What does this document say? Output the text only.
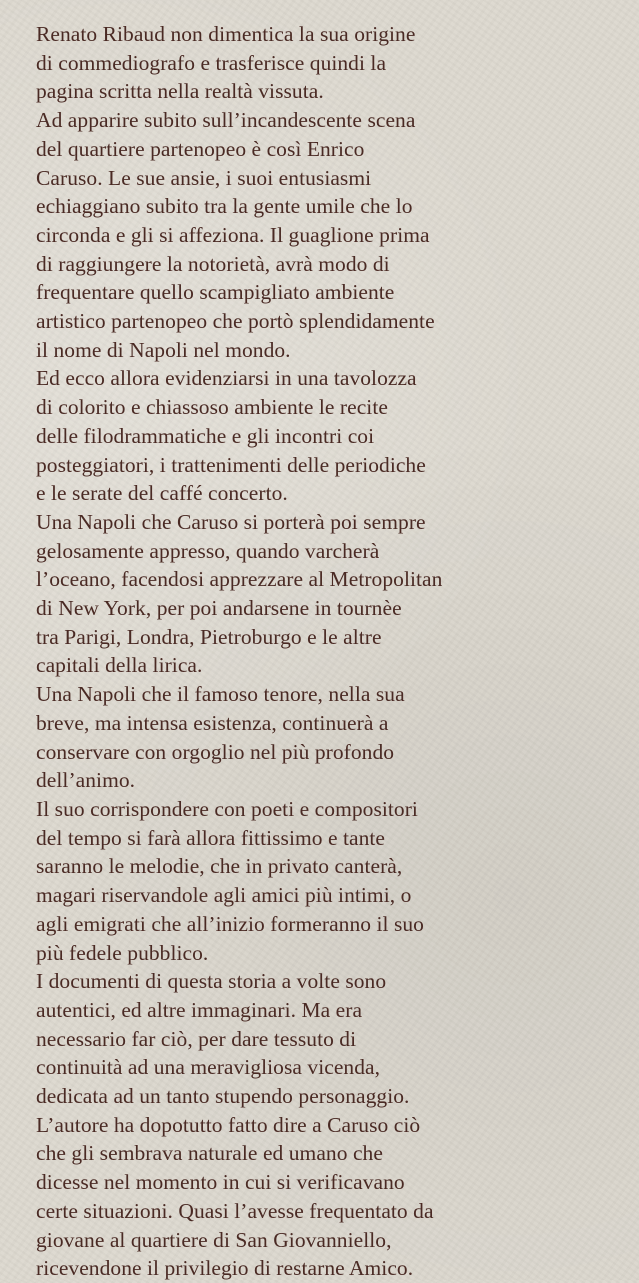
Renato Ribaud non dimentica la sua origine
di commediografo e trasferisce quindi la
pagina scritta nella realtà vissuta.

Ad apparire subito sull’incandescente scena
del quartiere partenopeo è così Enrico
Caruso. Le sue ansie, i suoi entusiasmi
echiaggiano subito tra la gente umile che lo
circonda e gli si affeziona. Il guaglione prima
di raggiungere la notorietà, avrà modo di
frequentare quello scampigliato ambiente
artistico partenopeo che portò splendidamente
il nome di Napoli nel mondo.

Ed ecco allora evidenziarsi in una tavolozza
di colorito e chiassoso ambiente le recite
delle filodrammatiche e gli incontri coi
posteggiatori, i trattenimenti delle periodiche
e le serate del caffé concerto.

Una Napoli che Caruso si porterà poi sempre
gelosamente appresso, quando varcherà
l’oceano, facendosi apprezzare al Metropolitan
di New York, per poi andarsene in tournèe
tra Parigi, Londra, Pietroburgo e le altre
capitali della lirica.

Una Napoli che il famoso tenore, nella sua
breve, ma intensa esistenza, continuerà a
conservare con orgoglio nel più profondo
dell’animo.

Il suo corrispondere con poeti e compositori
del tempo si farà allora fittissimo e tante
saranno le melodie, che in privato canterà,
magari riservandole agli amici più intimi, o
agli emigrati che all’inizio formeranno il suo
più fedele pubblico.

I documenti di questa storia a volte sono
autentici, ed altre immaginari. Ma era
necessario far ciò, per dare tessuto di
continuità ad una meravigliosa vicenda,
dedicata ad un tanto stupendo personaggio.
L’autore ha dopotutto fatto dire a Caruso ciò
che gli sembrava naturale ed umano che
dicesse nel momento in cui si verificavano
certe situazioni. Quasi l’avesse frequentato da
giovane al quartiere di San Giovanniello,
ricevendone il privilegio di restarne Amico.
